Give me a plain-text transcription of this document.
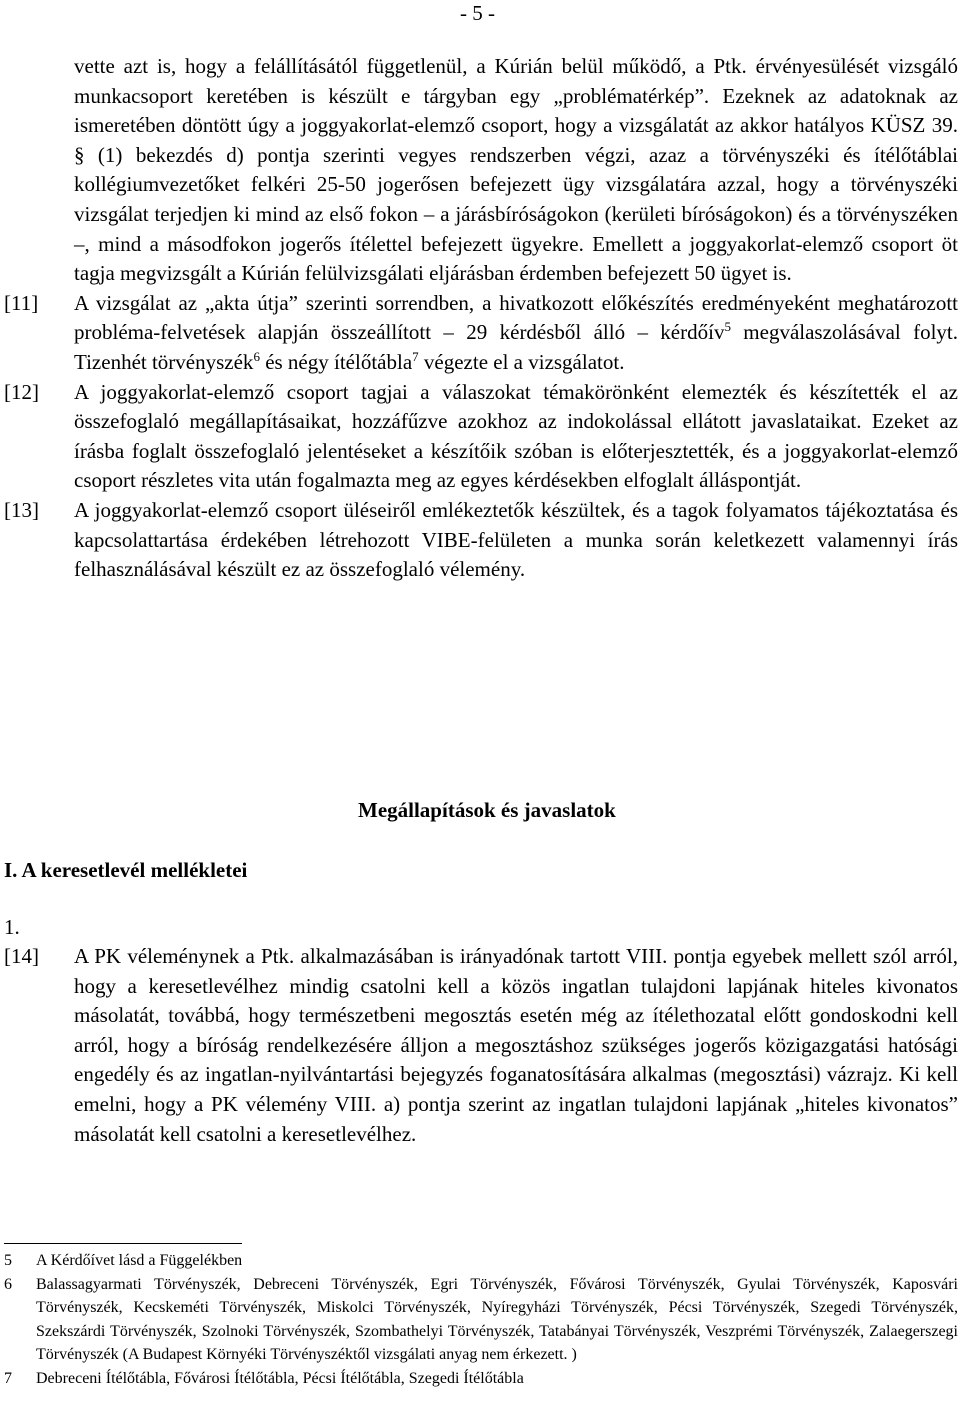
- 5 -

vette azt is, hogy a felállításától függetlenül, a Kúrián belül működő, a Ptk. érvényesülését vizsgáló munkacsoport keretében is készült e tárgyban egy „problématérkép”. Ezeknek az adatoknak az ismeretében döntött úgy a joggyakorlat-elemző csoport, hogy a vizsgálatát az akkor hatályos KÜSZ 39. § (1) bekezdés d) pontja szerinti vegyes rendszerben végzi, azaz a törvényszéki és ítélőtáblai kollégiumvezetőket felkéri 25-50 jogerősen befejezett ügy vizsgálatára azzal, hogy a törvényszéki vizsgálat terjedjen ki mind az első fokon – a járásbíróságokon (kerületi bíróságokon) és a törvényszéken –, mind a másodfokon jogerős ítélettel befejezett ügyekre. Emellett a joggyakorlat-elemző csoport öt tagja megvizsgált a Kúrián felülvizsgálati eljárásban érdemben befejezett 50 ügyet is.

[11] A vizsgálat az „akta útja” szerinti sorrendben, a hivatkozott előkészítés eredményeként meghatározott probléma-felvetések alapján összeállított – 29 kérdésből álló – kérdőív$^5$ megválaszolásával folyt. Tizenhét törvényszék$^6$ és négy ítélőtábla$^7$ végezte el a vizsgálatot.

[12] A joggyakorlat-elemző csoport tagjai a válaszokat témakörönként elemezték és készítették el az összefoglaló megállapításaikat, hozzáfűzve azokhoz az indokolással ellátott javaslataikat. Ezeket az írásba foglalt összefoglaló jelentéseket a készítőik szóban is előterjesztették, és a joggyakorlat-elemző csoport részletes vita után fogalmazta meg az egyes kérdésekben elfoglalt álláspontját.

[13] A joggyakorlat-elemző csoport üléseiről emlékeztetők készültek, és a tagok folyamatos tájékoztatása és kapcsolattartása érdekében létrehozott VIBE-felületen a munka során keletkezett valamennyi írás felhasználásával készült ez az összefoglaló vélemény.

Megállapítások és javaslatok
I. A keresetlevél mellékletei
1.
[14] A PK véleménynek a Ptk. alkalmazásában is irányadónak tartott VIII. pontja egyebek mellett szól arról, hogy a keresetlevélhez mindig csatolni kell a közös ingatlan tulajdoni lapjának hiteles kivonatos másolatát, továbbá, hogy természetbeni megosztás esetén még az ítélethozatal előtt gondoskodni kell arról, hogy a bíróság rendelkezésére álljon a megosztáshoz szükséges jogerős közigazgatási hatósági engedély és az ingatlan-nyilvántartási bejegyzés foganatosítására alkalmas (megosztási) vázrajz. Ki kell emelni, hogy a PK vélemény VIII. a) pontja szerint az ingatlan tulajdoni lapjának „hiteles kivonatos” másolatát kell csatolni a keresetlevélhez.

5 A Kérdőívet lásd a Függelékben

6 Balassagyarmati Törvényszék, Debreceni Törvényszék, Egri Törvényszék, Fővárosi Törvényszék, Gyulai Törvényszék, Kaposvári Törvényszék, Kecskeméti Törvényszék, Miskolci Törvényszék, Nyíregyházi Törvényszék, Pécsi Törvényszék, Szegedi Törvényszék, Szekszárdi Törvényszék, Szolnoki Törvényszék, Szombathelyi Törvényszék, Tatabányai Törvényszék, Veszprémi Törvényszék, Zalaegerszegi Törvényszék (A Budapest Környéki Törvényszéktől vizsgálati anyag nem érkezett. )

7 Debreceni Ítélőtábla, Fővárosi Ítélőtábla, Pécsi Ítélőtábla, Szegedi Ítélőtábla
